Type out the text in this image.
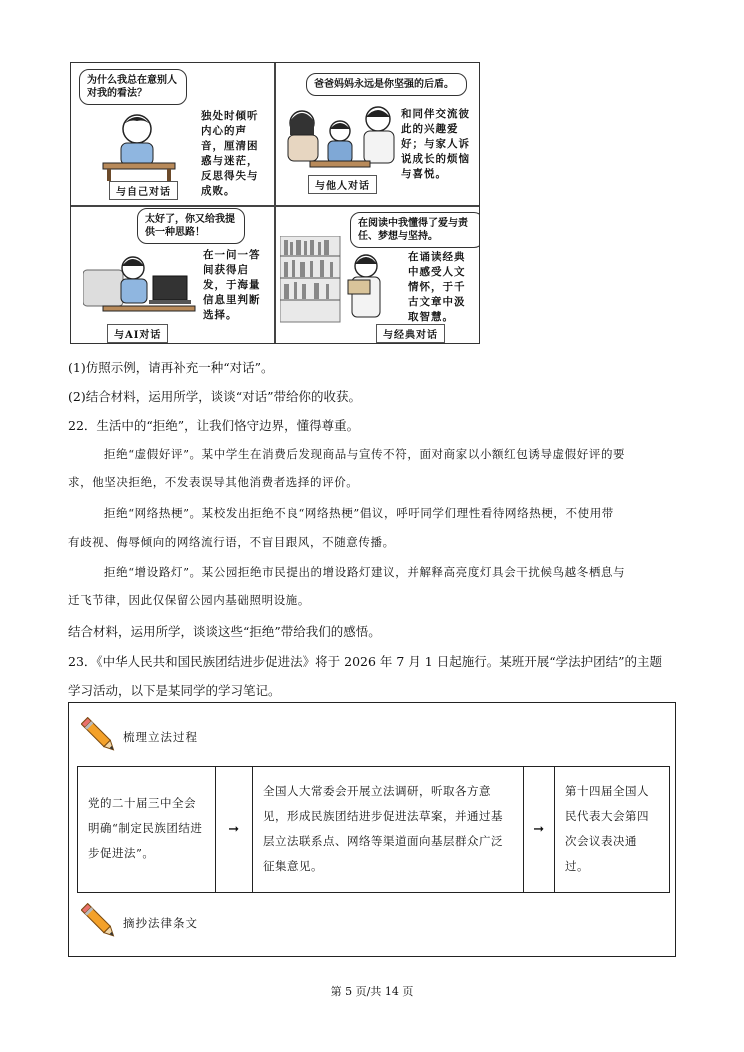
为什么我总在意别人对我的看法？
独处时倾听内心的声音，厘清困惑与迷茫，反思得失与成败。
与自己对话
爸爸妈妈永远是你坚强的后盾。
和同伴交流彼此的兴趣爱好；与家人诉说成长的烦恼与喜悦。
与他人对话
太好了，你又给我提供一种思路！
在一问一答间获得启发，于海量信息里判断选择。
与AI对话
在阅读中我懂得了爱与责任、梦想与坚持。
在诵读经典中感受人文情怀，于千古文章中汲取智慧。
与经典对话
(1)仿照示例，请再补充一种“对话”。
(2)结合材料，运用所学，谈谈“对话”带给你的收获。
22．生活中的“拒绝”，让我们恪守边界，懂得尊重。
拒绝“虚假好评”。某中学生在消费后发现商品与宣传不符，面对商家以小额红包诱导虚假好评的要
求，他坚决拒绝，不发表误导其他消费者选择的评价。
拒绝“网络热梗”。某校发出拒绝不良“网络热梗”倡议，呼吁同学们理性看待网络热梗，不使用带
有歧视、侮辱倾向的网络流行语，不盲目跟风，不随意传播。
拒绝“增设路灯”。某公园拒绝市民提出的增设路灯建议，并解释高亮度灯具会干扰候鸟越冬栖息与
迁飞节律，因此仅保留公园内基础照明设施。
结合材料，运用所学，谈谈这些“拒绝”带给我们的感悟。
23．《中华人民共和国民族团结进步促进法》将于 2026 年 7 月 1 日起施行。某班开展“学法护团结”的主题
学习活动，以下是某同学的学习笔记。
梳理立法过程
党的二十届三中全会明确“制定民族团结进步促进法”。
➞
全国人大常委会开展立法调研，听取各方意见，形成民族团结进步促进法草案，并通过基层立法联系点、网络等渠道面向基层群众广泛征集意见。
➞
第十四届全国人民代表大会第四次会议表决通过。
摘抄法律条文
第 5 页/共 14 页
